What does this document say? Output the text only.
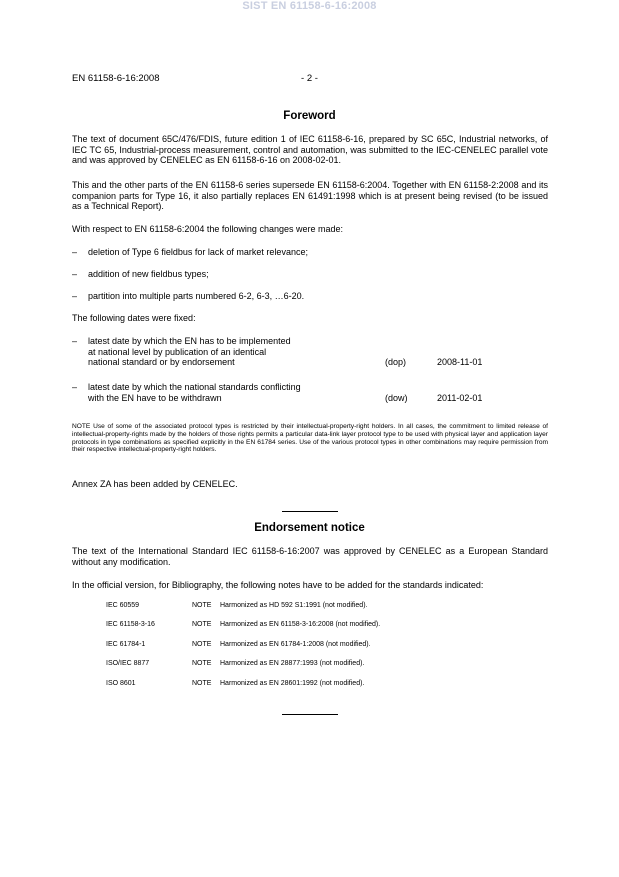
SIST EN 61158-6-16:2008
EN 61158-6-16:2008	- 2 -
Foreword

The text of document 65C/476/FDIS, future edition 1 of IEC 61158-6-16, prepared by SC 65C, Industrial networks, of IEC TC 65, Industrial-process measurement, control and automation, was submitted to the IEC-CENELEC parallel vote and was approved by CENELEC as EN 61158-6-16 on 2008-02-01.

This and the other parts of the EN 61158-6 series supersede EN 61158-6:2004. Together with EN 61158-2:2008 and its companion parts for Type 16, it also partially replaces EN 61491:1998 which is at present being revised (to be issued as a Technical Report).

With respect to EN 61158-6:2004 the following changes were made:

– deletion of Type 6 fieldbus for lack of market relevance;
– addition of new fieldbus types;
– partition into multiple parts numbered 6-2, 6-3, …6-20.

The following dates were fixed:

– latest date by which the EN has to be implemented
at national level by publication of an identical
national standard or by endorsement	(dop)	2008-11-01
– latest date by which the national standards conflicting
with the EN have to be withdrawn	(dow)	2011-02-01

NOTE Use of some of the associated protocol types is restricted by their intellectual-property-right holders. In all cases, the commitment to limited release of intellectual-property-rights made by the holders of those rights permits a particular data-link layer protocol type to be used with physical layer and application layer protocols in type combinations as specified explicitly in the EN 61784 series. Use of the various protocol types in other combinations may require permission from their respective intellectual-property-right holders.

Annex ZA has been added by CENELEC.

Endorsement notice

The text of the International Standard IEC 61158-6-16:2007 was approved by CENELEC as a European Standard without any modification.

In the official version, for Bibliography, the following notes have to be added for the standards indicated:

IEC 60559	NOTE Harmonized as HD 592 S1:1991 (not modified).
IEC 61158-3-16	NOTE Harmonized as EN 61158-3-16:2008 (not modified).
IEC 61784-1	NOTE Harmonized as EN 61784-1:2008 (not modified).
ISO/IEC 8877	NOTE Harmonized as EN 28877:1993 (not modified).
ISO 8601	NOTE Harmonized as EN 28601:1992 (not modified).
